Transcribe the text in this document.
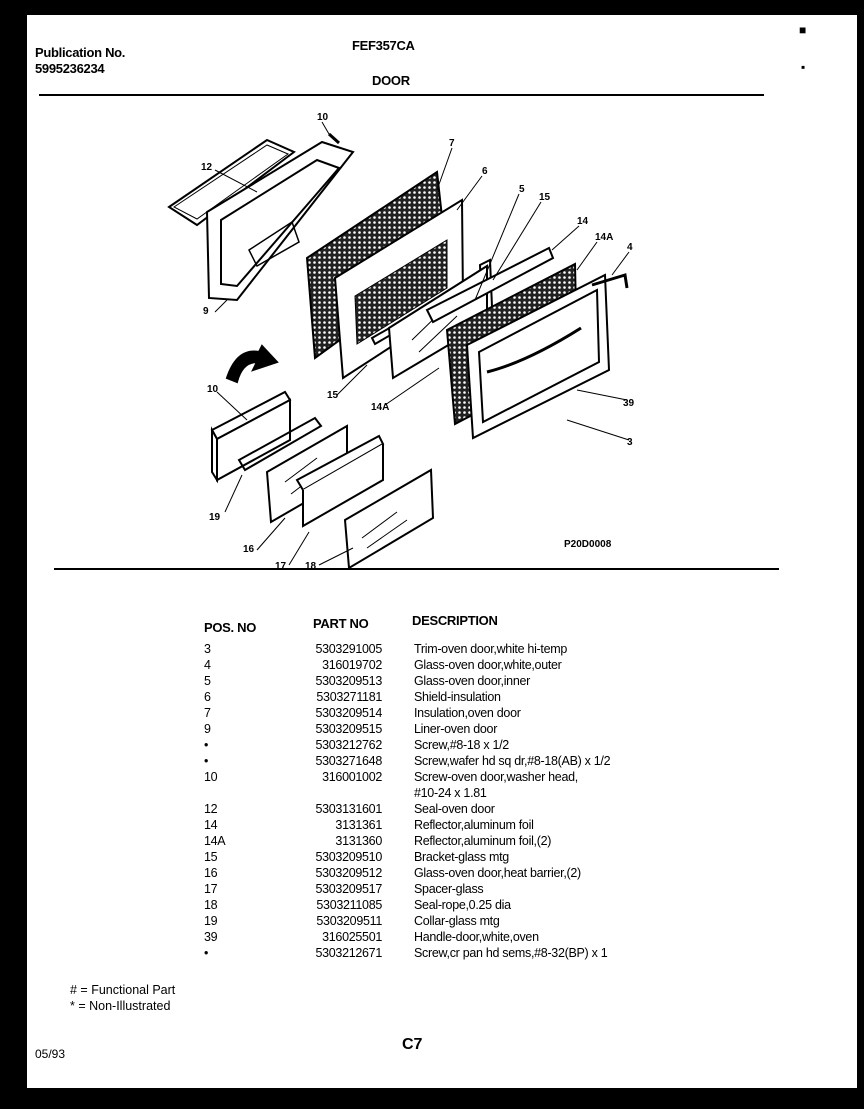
Publication No.
5995236234
FEF357CA
DOOR
■
▪
10
12
7
6
5
15
14
14A
4
9
15
14A	39
3
10
19
16
17 18
P20D0008
POS. NO	PART NO	DESCRIPTION
3	5303291005	Trim-oven door,white hi-temp
4	316019702	Glass-oven door,white,outer
5	5303209513	Glass-oven door,inner
6	5303271181	Shield-insulation
7	5303209514	Insulation,oven door
9	5303209515	Liner-oven door
•	5303212762	Screw,#8-18 x 1/2
•	5303271648	Screw,wafer hd sq dr,#8-18(AB) x 1/2
10	316001002	Screw-oven door,washer head,
#10-24 x 1.81
12	5303131601	Seal-oven door
14	3131361	Reflector,aluminum foil
14A	3131360	Reflector,aluminum foil,(2)
15	5303209510	Bracket-glass mtg
16	5303209512	Glass-oven door,heat barrier,(2)
17	5303209517	Spacer-glass
18	5303211085	Seal-rope,0.25 dia
19	5303209511	Collar-glass mtg
39	316025501	Handle-door,white,oven
•	5303212671	Screw,cr pan hd sems,#8-32(BP) x 1
# = Functional Part
* = Non-Illustrated
05/93
C7
